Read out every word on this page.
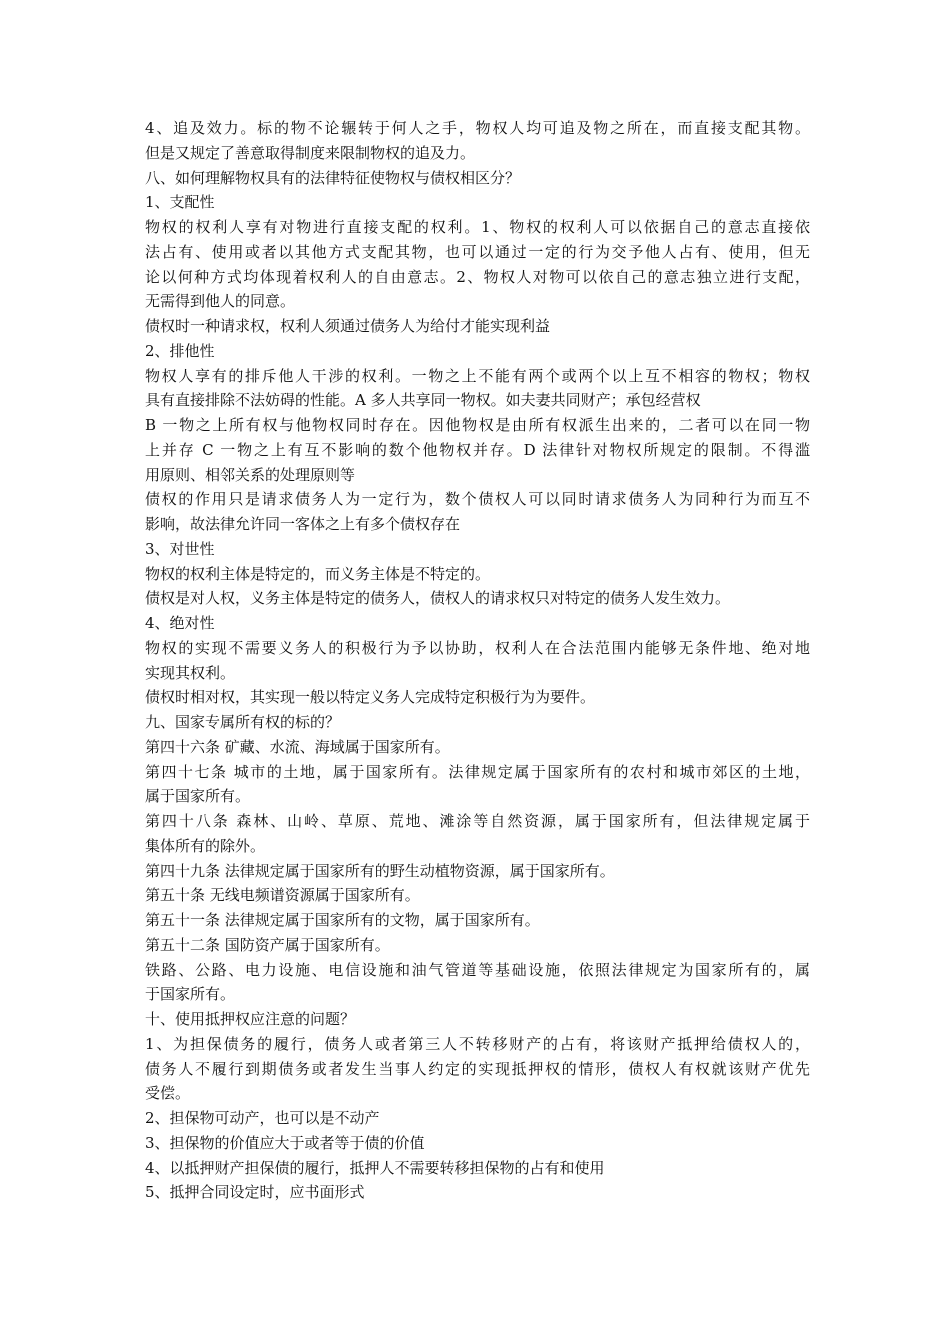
4、追及效力。标的物不论辗转于何人之手，物权人均可追及物之所在，而直接支配其物。
但是又规定了善意取得制度来限制物权的追及力。
八、如何理解物权具有的法律特征使物权与债权相区分？
1、支配性
物权的权利人享有对物进行直接支配的权利。1、物权的权利人可以依据自己的意志直接依
法占有、使用或者以其他方式支配其物，也可以通过一定的行为交予他人占有、使用，但无
论以何种方式均体现着权利人的自由意志。2、物权人对物可以依自己的意志独立进行支配，
无需得到他人的同意。
债权时一种请求权，权利人须通过债务人为给付才能实现利益
2、排他性
物权人享有的排斥他人干涉的权利。一物之上不能有两个或两个以上互不相容的物权；物权
具有直接排除不法妨碍的性能。A 多人共享同一物权。如夫妻共同财产；承包经营权
B 一物之上所有权与他物权同时存在。因他物权是由所有权派生出来的，二者可以在同一物
上并存 C 一物之上有互不影响的数个他物权并存。D 法律针对物权所规定的限制。不得滥
用原则、相邻关系的处理原则等
债权的作用只是请求债务人为一定行为，数个债权人可以同时请求债务人为同种行为而互不
影响，故法律允许同一客体之上有多个债权存在
3、对世性
物权的权利主体是特定的，而义务主体是不特定的。
债权是对人权，义务主体是特定的债务人，债权人的请求权只对特定的债务人发生效力。
4、绝对性
物权的实现不需要义务人的积极行为予以协助，权利人在合法范围内能够无条件地、绝对地
实现其权利。
债权时相对权，其实现一般以特定义务人完成特定积极行为为要件。
九、国家专属所有权的标的？
第四十六条 矿藏、水流、海域属于国家所有。
第四十七条 城市的土地，属于国家所有。法律规定属于国家所有的农村和城市郊区的土地，
属于国家所有。
第四十八条 森林、山岭、草原、荒地、滩涂等自然资源，属于国家所有，但法律规定属于
集体所有的除外。
第四十九条 法律规定属于国家所有的野生动植物资源，属于国家所有。
第五十条 无线电频谱资源属于国家所有。
第五十一条 法律规定属于国家所有的文物，属于国家所有。
第五十二条 国防资产属于国家所有。
铁路、公路、电力设施、电信设施和油气管道等基础设施，依照法律规定为国家所有的，属
于国家所有。
十、使用抵押权应注意的问题？
1、为担保债务的履行，债务人或者第三人不转移财产的占有，将该财产抵押给债权人的，
债务人不履行到期债务或者发生当事人约定的实现抵押权的情形，债权人有权就该财产优先
受偿。
2、担保物可动产，也可以是不动产
3、担保物的价值应大于或者等于债的价值
4、以抵押财产担保债的履行，抵押人不需要转移担保物的占有和使用
5、抵押合同设定时，应书面形式
